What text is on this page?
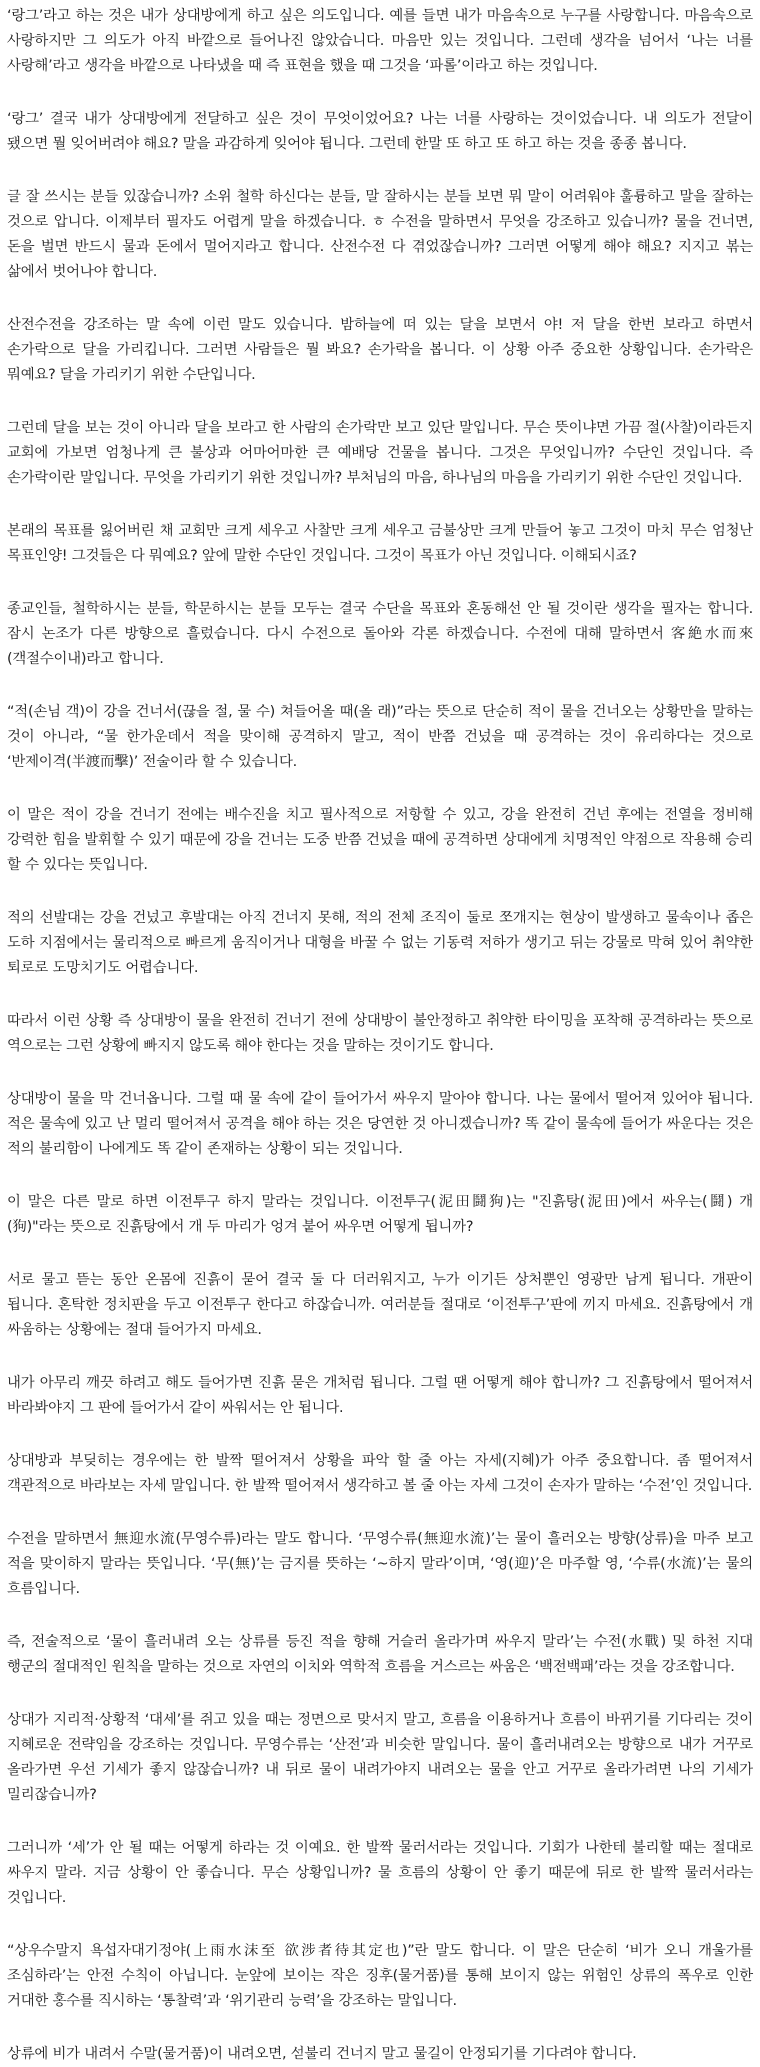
‘랑그’라고 하는 것은 내가 상대방에게 하고 싶은 의도입니다. 예를 들면 내가 마음속으로 누구를 사랑합니다. 마음속으로 사랑하지만 그 의도가 아직 바깥으로 들어나진 않았습니다. 마음만 있는 것입니다. 그런데 생각을 넘어서 ‘나는 너를 사랑해’라고 생각을 바깥으로 나타냈을 때 즉 표현을 했을 때 그것을 ‘파롤’이라고 하는 것입니다.

‘랑그’ 결국 내가 상대방에게 전달하고 싶은 것이 무엇이었어요? 나는 너를 사랑하는 것이었습니다. 내 의도가 전달이 됐으면 뭘 잊어버려야 해요? 말을 과감하게 잊어야 됩니다. 그런데 한말 또 하고 또 하고 하는 것을 종종 봅니다.

글 잘 쓰시는 분들 있잖습니까? 소위 철학 하신다는 분들, 말 잘하시는 분들 보면 뭐 말이 어려워야 훌륭하고 말을 잘하는 것으로 압니다. 이제부터 필자도 어렵게 말을 하겠습니다. ㅎ 수전을 말하면서 무엇을 강조하고 있습니까? 물을 건너면, 돈을 벌면 반드시 물과 돈에서 멀어지라고 합니다. 산전수전 다 겪었잖습니까? 그러면 어떻게 해야 해요? 지지고 볶는 삶에서 벗어나야 합니다.

산전수전을 강조하는 말 속에 이런 말도 있습니다. 밤하늘에 떠 있는 달을 보면서 야! 저 달을 한번 보라고 하면서 손가락으로 달을 가리킵니다. 그러면 사람들은 뭘 봐요? 손가락을 봅니다. 이 상황 아주 중요한 상황입니다. 손가락은 뭐예요? 달을 가리키기 위한 수단입니다.

그런데 달을 보는 것이 아니라 달을 보라고 한 사람의 손가락만 보고 있단 말입니다. 무슨 뜻이냐면 가끔 절(사찰)이라든지 교회에 가보면 엄청나게 큰 불상과 어마어마한 큰 예배당 건물을 봅니다. 그것은 무엇입니까? 수단인 것입니다. 즉 손가락이란 말입니다. 무엇을 가리키기 위한 것입니까? 부처님의 마음, 하나님의 마음을 가리키기 위한 수단인 것입니다.

본래의 목표를 잃어버린 채 교회만 크게 세우고 사찰만 크게 세우고 금불상만 크게 만들어 놓고 그것이 마치 무슨 엄청난 목표인양! 그것들은 다 뭐예요? 앞에 말한 수단인 것입니다. 그것이 목표가 아닌 것입니다. 이해되시죠?

종교인들, 철학하시는 분들, 학문하시는 분들 모두는 결국 수단을 목표와 혼동해선 안 될 것이란 생각을 필자는 합니다. 잠시 논조가 다른 방향으로 흘렀습니다. 다시 수전으로 돌아와 각론 하겠습니다. 수전에 대해 말하면서 客絶水而來(객절수이내)라고 합니다.

“적(손님 객)이 강을 건너서(끊을 절, 물 수) 쳐들어올 때(올 래)”라는 뜻으로 단순히 적이 물을 건너오는 상황만을 말하는 것이 아니라, “물 한가운데서 적을 맞이해 공격하지 말고, 적이 반쯤 건넜을 때 공격하는 것이 유리하다는 것으로 ‘반제이격(半渡而擊)’ 전술이라 할 수 있습니다.

이 말은 적이 강을 건너기 전에는 배수진을 치고 필사적으로 저항할 수 있고, 강을 완전히 건넌 후에는 전열을 정비해 강력한 힘을 발휘할 수 있기 때문에 강을 건너는 도중 반쯤 건넜을 때에 공격하면 상대에게 치명적인 약점으로 작용해 승리 할 수 있다는 뜻입니다.

적의 선발대는 강을 건넜고 후발대는 아직 건너지 못해, 적의 전체 조직이 둘로 쪼개지는 현상이 발생하고 물속이나 좁은 도하 지점에서는 물리적으로 빠르게 움직이거나 대형을 바꿀 수 없는 기동력 저하가 생기고 뒤는 강물로 막혀 있어 취약한 퇴로로 도망치기도 어렵습니다.

따라서 이런 상황 즉 상대방이 물을 완전히 건너기 전에 상대방이 불안정하고 취약한 타이밍을 포착해 공격하라는 뜻으로 역으로는 그런 상황에 빠지지 않도록 해야 한다는 것을 말하는 것이기도 합니다.

상대방이 물을 막 건너옵니다. 그럴 때 물 속에 같이 들어가서 싸우지 말아야 합니다. 나는 물에서 떨어져 있어야 됩니다. 적은 물속에 있고 난 멀리 떨어져서 공격을 해야 하는 것은 당연한 것 아니겠습니까? 똑 같이 물속에 들어가 싸운다는 것은 적의 불리함이 나에게도 똑 같이 존재하는 상황이 되는 것입니다.

이 말은 다른 말로 하면 이전투구 하지 말라는 것입니다. 이전투구(泥田鬪狗)는 "진흙탕(泥田)에서 싸우는(鬪) 개(狗)"라는 뜻으로 진흙탕에서 개 두 마리가 엉겨 붙어 싸우면 어떻게 됩니까?

서로 물고 뜯는 동안 온몸에 진흙이 묻어 결국 둘 다 더러워지고, 누가 이기든 상처뿐인 영광만 남게 됩니다. 개판이 됩니다. 혼탁한 정치판을 두고 이전투구 한다고 하잖습니까. 여러분들 절대로 ‘이전투구’판에 끼지 마세요. 진흙탕에서 개 싸움하는 상황에는 절대 들어가지 마세요.

내가 아무리 깨끗 하려고 해도 들어가면 진흙 묻은 개처럼 됩니다. 그럴 땐 어떻게 해야 합니까? 그 진흙탕에서 떨어져서 바라봐야지 그 판에 들어가서 같이 싸워서는 안 됩니다.

상대방과 부딪히는 경우에는 한 발짝 떨어져서 상황을 파악 할 줄 아는 자세(지혜)가 아주 중요합니다. 좀 떨어져서 객관적으로 바라보는 자세 말입니다. 한 발짝 떨어져서 생각하고 볼 줄 아는 자세 그것이 손자가 말하는 ‘수전’인 것입니다.

수전을 말하면서 無迎水流(무영수류)라는 말도 합니다. ‘무영수류(無迎水流)’는 물이 흘러오는 방향(상류)을 마주 보고 적을 맞이하지 말라는 뜻입니다. ‘무(無)’는 금지를 뜻하는 ‘~하지 말라’이며, ‘영(迎)’은 마주할 영, ‘수류(水流)’는 물의 흐름입니다.

즉, 전술적으로 ‘물이 흘러내려 오는 상류를 등진 적을 향해 거슬러 올라가며 싸우지 말라’는 수전(水戰) 및 하천 지대 행군의 절대적인 원칙을 말하는 것으로 자연의 이치와 역학적 흐름을 거스르는 싸움은 ‘백전백패’라는 것을 강조합니다.

상대가 지리적·상황적 ‘대세’를 쥐고 있을 때는 정면으로 맞서지 말고, 흐름을 이용하거나 흐름이 바뀌기를 기다리는 것이 지혜로운 전략임을 강조하는 것입니다. 무영수류는 ‘산전’과 비슷한 말입니다. 물이 흘러내려오는 방향으로 내가 거꾸로 올라가면 우선 기세가 좋지 않잖습니까? 내 뒤로 물이 내려가야지 내려오는 물을 안고 거꾸로 올라가려면 나의 기세가 밀리잖습니까?

그러니까 ‘세’가 안 될 때는 어떻게 하라는 것 이예요. 한 발짝 물러서라는 것입니다. 기회가 나한테 불리할 때는 절대로 싸우지 말라. 지금 상황이 안 좋습니다. 무슨 상황입니까? 물 흐름의 상황이 안 좋기 때문에 뒤로 한 발짝 물러서라는 것입니다.

“상우수말지 욕섭자대기정야(上雨水沫至 欲涉者待其定也)”란 말도 합니다. 이 말은 단순히 ‘비가 오니 개울가를 조심하라’는 안전 수칙이 아닙니다. 눈앞에 보이는 작은 징후(물거품)를 통해 보이지 않는 위험인 상류의 폭우로 인한 거대한 홍수를 직시하는 ‘통찰력’과 ‘위기관리 능력’을 강조하는 말입니다.

상류에 비가 내려서 수말(물거품)이 내려오면, 섣불리 건너지 말고 물길이 안정되기를 기다려야 합니다.
